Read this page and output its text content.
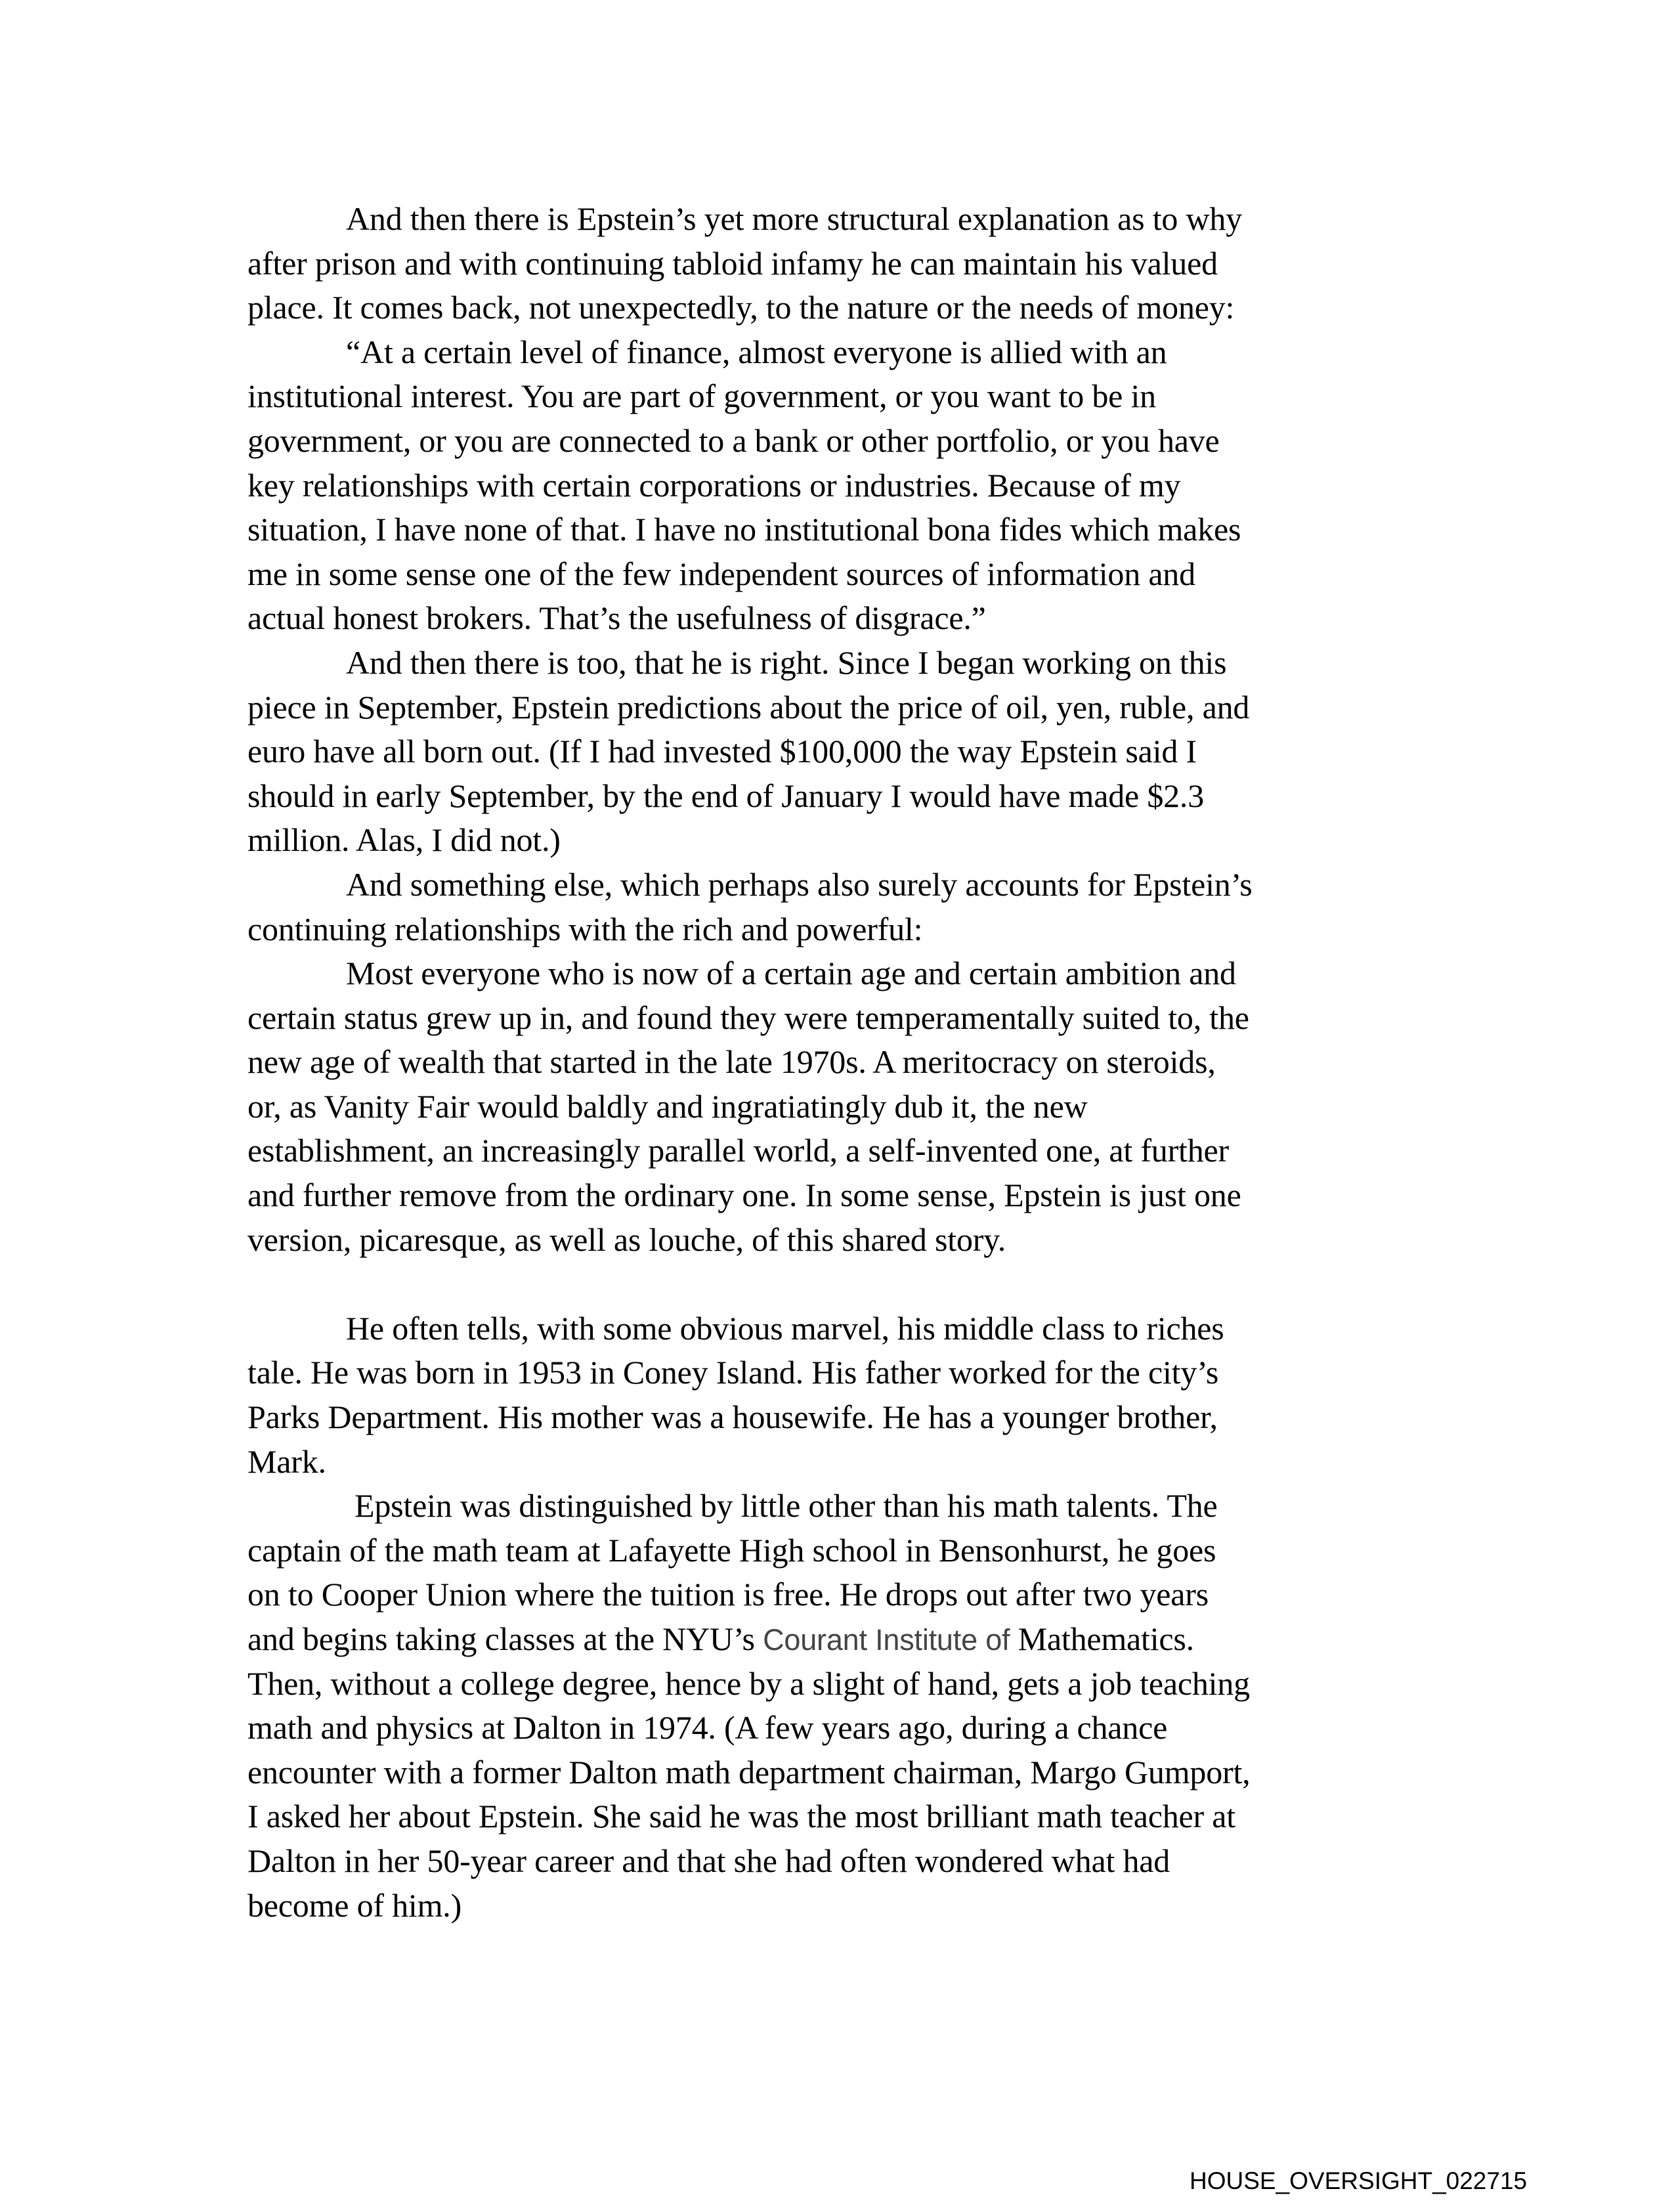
And then there is Epstein’s yet more structural explanation as to why
after prison and with continuing tabloid infamy he can maintain his valued
place. It comes back, not unexpectedly, to the nature or the needs of money:
“At a certain level of finance, almost everyone is allied with an
institutional interest. You are part of government, or you want to be in
government, or you are connected to a bank or other portfolio, or you have
key relationships with certain corporations or industries. Because of my
situation, I have none of that. I have no institutional bona fides which makes
me in some sense one of the few independent sources of information and
actual honest brokers. That’s the usefulness of disgrace.”
And then there is too, that he is right. Since I began working on this
piece in September, Epstein predictions about the price of oil, yen, ruble, and
euro have all born out. (If I had invested $100,000 the way Epstein said I
should in early September, by the end of January I would have made $2.3
million. Alas, I did not.)
And something else, which perhaps also surely accounts for Epstein’s
continuing relationships with the rich and powerful:
Most everyone who is now of a certain age and certain ambition and
certain status grew up in, and found they were temperamentally suited to, the
new age of wealth that started in the late 1970s. A meritocracy on steroids,
or, as Vanity Fair would baldly and ingratiatingly dub it, the new
establishment, an increasingly parallel world, a self-invented one, at further
and further remove from the ordinary one. In some sense, Epstein is just one
version, picaresque, as well as louche, of this shared story.
He often tells, with some obvious marvel, his middle class to riches
tale. He was born in 1953 in Coney Island. His father worked for the city’s
Parks Department. His mother was a housewife. He has a younger brother,
Mark.
Epstein was distinguished by little other than his math talents. The
captain of the math team at Lafayette High school in Bensonhurst, he goes
on to Cooper Union where the tuition is free. He drops out after two years
and begins taking classes at the NYU’s Courant Institute of Mathematics.
Then, without a college degree, hence by a slight of hand, gets a job teaching
math and physics at Dalton in 1974. (A few years ago, during a chance
encounter with a former Dalton math department chairman, Margo Gumport,
I asked her about Epstein. She said he was the most brilliant math teacher at
Dalton in her 50-year career and that she had often wondered what had
become of him.)
HOUSE_OVERSIGHT_022715
